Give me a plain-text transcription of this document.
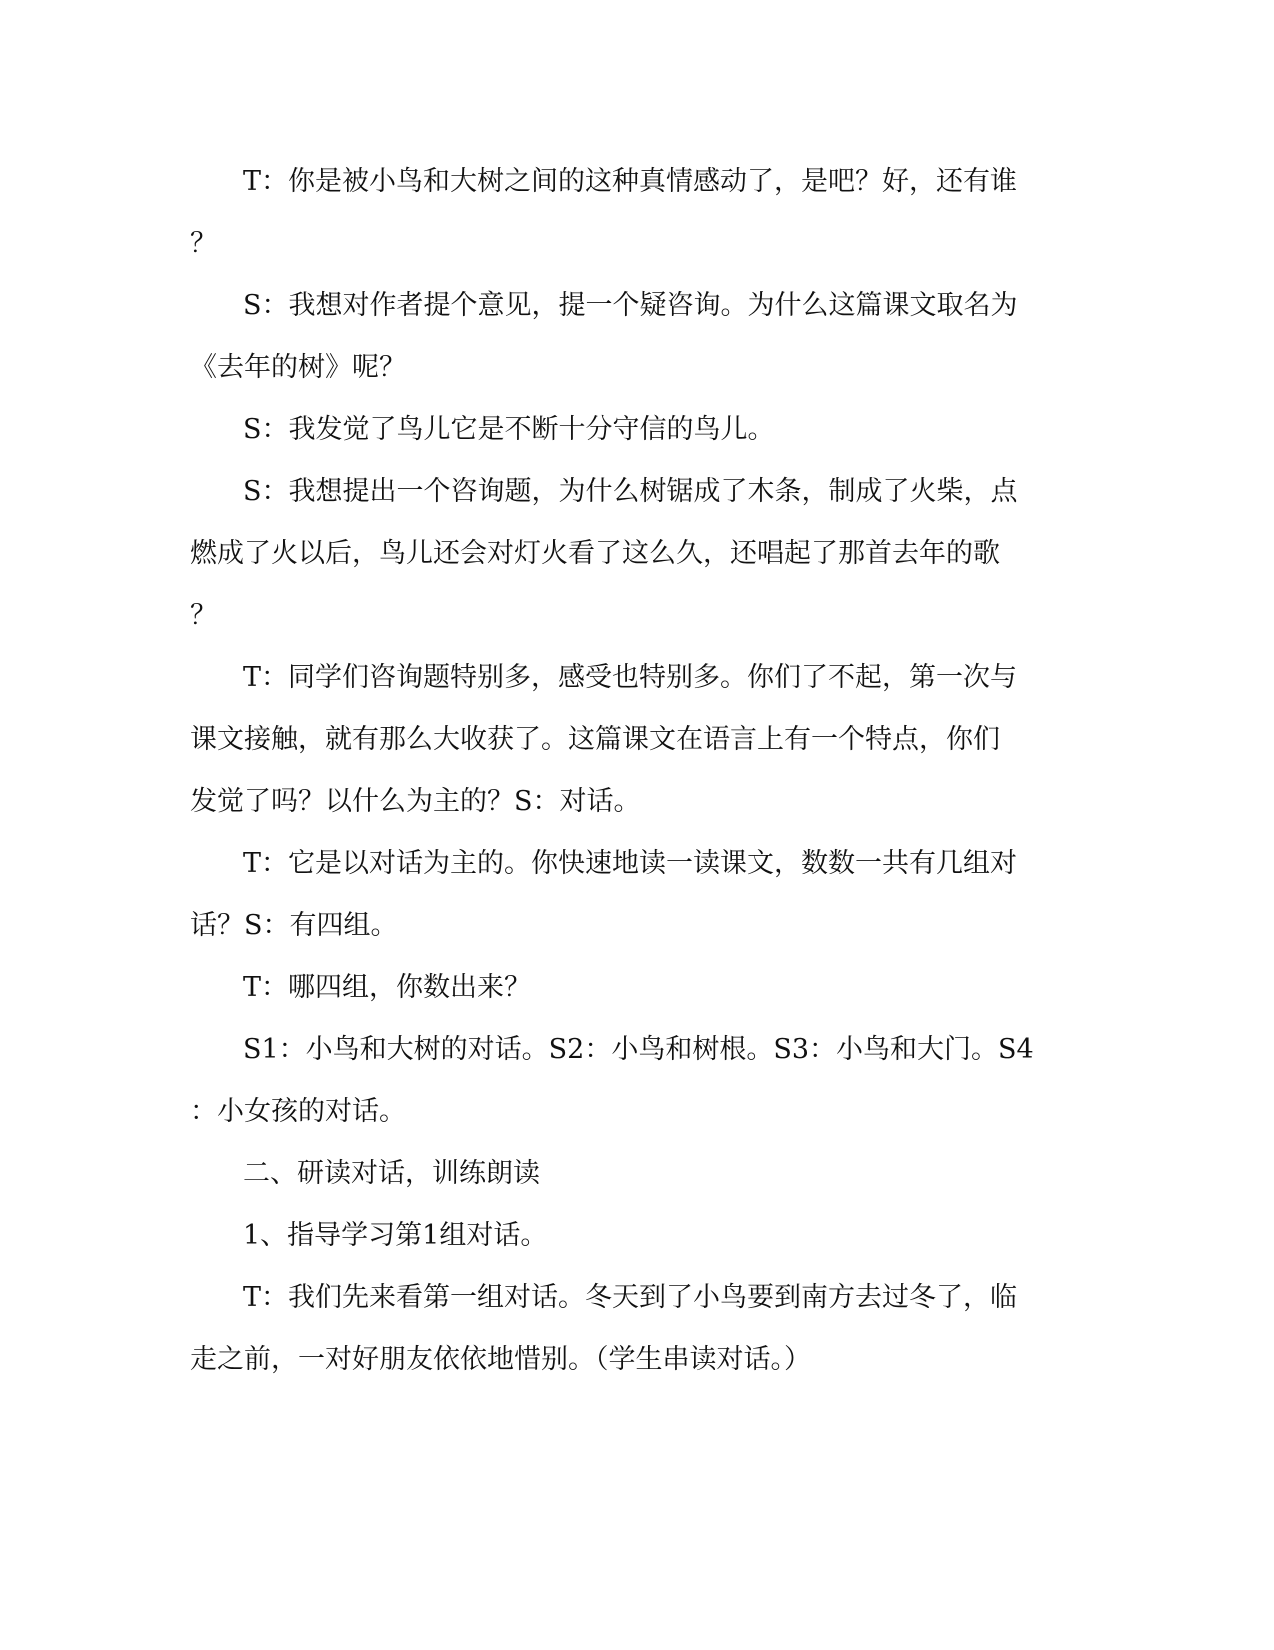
T：你是被小鸟和大树之间的这种真情感动了，是吧？好，还有谁

？

S：我想对作者提个意见，提一个疑咨询。为什么这篇课文取名为

《去年的树》呢？

S：我发觉了鸟儿它是不断十分守信的鸟儿。

S：我想提出一个咨询题，为什么树锯成了木条，制成了火柴，点

燃成了火以后，鸟儿还会对灯火看了这么久，还唱起了那首去年的歌

？

T：同学们咨询题特别多，感受也特别多。你们了不起，第一次与

课文接触，就有那么大收获了。这篇课文在语言上有一个特点，你们

发觉了吗？以什么为主的？S：对话。

T：它是以对话为主的。你快速地读一读课文，数数一共有几组对

话？S：有四组。

T：哪四组，你数出来？

S1：小鸟和大树的对话。S2：小鸟和树根。S3：小鸟和大门。S4

：小女孩的对话。

二、研读对话，训练朗读

1、指导学习第1组对话。

T：我们先来看第一组对话。冬天到了小鸟要到南方去过冬了，临

走之前，一对好朋友依依地惜别。（学生串读对话。）
